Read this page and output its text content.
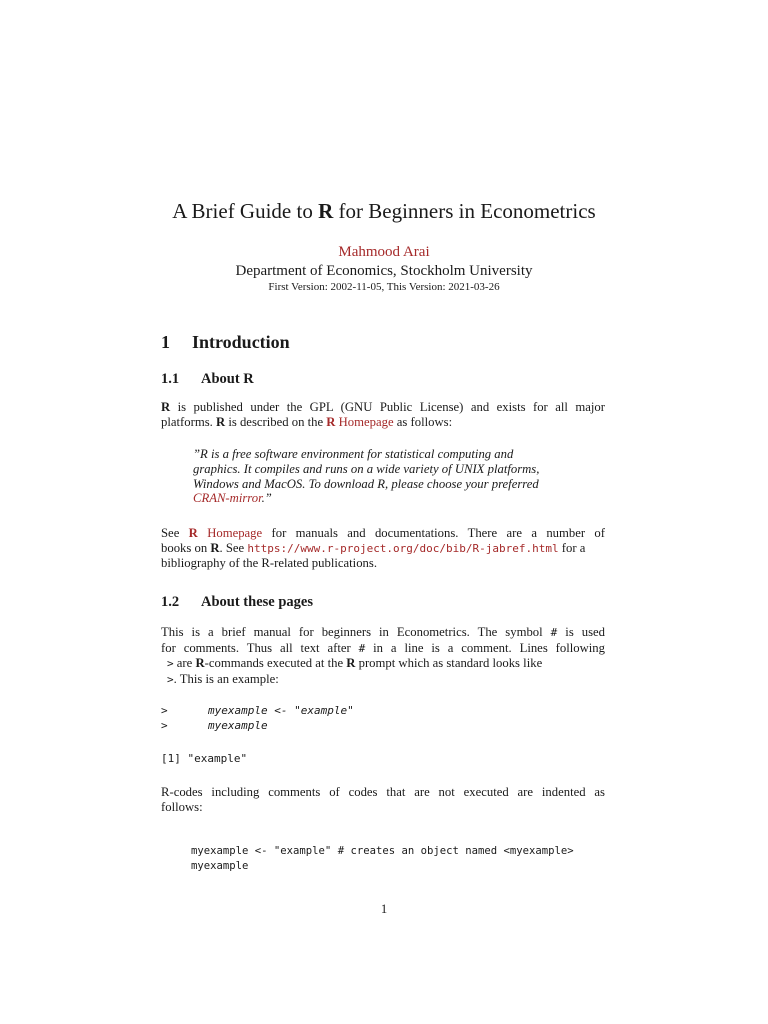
A Brief Guide to R for Beginners in Econometrics
Mahmood Arai
Department of Economics, Stockholm University
First Version: 2002-11-05, This Version: 2021-03-26
1 Introduction
1.1 About R
R is published under the GPL (GNU Public License) and exists for all major
platforms. R is described on the R Homepage as follows:
”R is a free software environment for statistical computing and
graphics. It compiles and runs on a wide variety of UNIX platforms,
Windows and MacOS. To download R, please choose your preferred
CRAN-mirror.”
See R Homepage for manuals and documentations. There are a number of
books on R. See https://www.r-project.org/doc/bib/R-jabref.html for a
bibliography of the R-related publications.
1.2 About these pages
This is a brief manual for beginners in Econometrics. The symbol # is used
for comments. Thus all text after # in a line is a comment. Lines following
> are R-commands executed at the R prompt which as standard looks like
>. This is an example:
>	myexample <- "example"
>	myexample
[1] "example"
R-codes including comments of codes that are not executed are indented as
follows:
myexample <- "example" # creates an object named <myexample>
myexample
1
